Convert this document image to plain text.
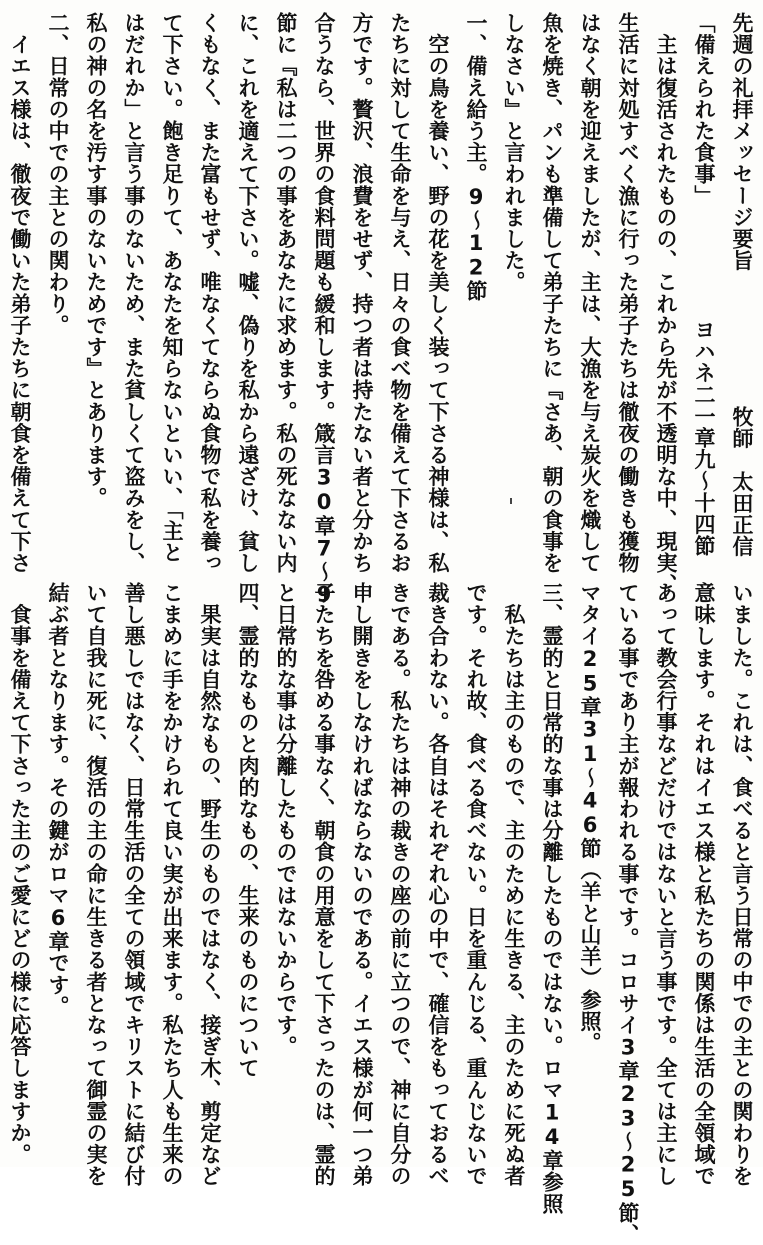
先週の礼拝メッセージ要旨
牧師　太田正信

「備えられた食事」
ヨハネ二一章九～十四節

　主は復活されたものの、これから先が不透明な中、現実、

生活に対処すべく漁に行った弟子たちは徹夜の働きも獲物

はなく朝を迎えましたが、主は、大漁を与え炭火を熾して

魚を焼き、パンも準備して弟子たちに『さあ、朝の食事を

しなさい』と言われました。

一、備え給う主。9～12節

　空の鳥を養い、野の花を美しく装って下さる神様は、私

たちに対して生命を与え、日々の食べ物を備えて下さるお

方です。贅沢、浪費をせず、持つ者は持たない者と分かち

合うなら、世界の食料問題も緩和します。箴言30章7～9

節に『私は二つの事をあなたに求めます。私の死なない内

に、これを適えて下さい。嘘、偽りを私から遠ざけ、貧し

くもなく、また富もせず、唯なくてならぬ食物で私を養っ

て下さい。飽き足りて、あなたを知らないといい、「主と

はだれか」と言う事のないため、また貧しくて盗みをし、

私の神の名を汚す事のないためです』とあります。

二、日常の中での主との関わり。

　イエス様は、徹夜で働いた弟子たちに朝食を備えて下さ

いました。これは、食べると言う日常の中での主との関わりを

意味します。それはイエス様と私たちの関係は生活の全領域で

あって教会行事などだけではないと言う事です。全ては主にし

ている事であり主が報われる事です。コロサイ3章23～25節、

マタイ25章31～46節（羊と山羊）参照。

三、霊的と日常的な事は分離したものではない。ロマ14章参照

　私たちは主のもので、主のために生きる、主のために死ぬ者

です。それ故、食べる食べない。日を重んじる、重んじないで

裁き合わない。各自はそれぞれ心の中で、確信をもっておるべ

きである。私たちは神の裁きの座の前に立つので、神に自分の

申し開きをしなければならないのである。イエス様が何一つ弟

子たちを咎める事なく、朝食の用意をして下さったのは、霊的

と日常的な事は分離したものではないからです。

四、霊的なものと肉的なもの、生来のものについて

　果実は自然なもの、野生のものではなく、接ぎ木、剪定など

こまめに手をかけられて良い実が出来ます。私たち人も生来の

善し悪しではなく、日常生活の全ての領域でキリストに結び付

いて自我に死に、復活の主の命に生きる者となって御霊の実を

結ぶ者となります。その鍵がロマ6章です。

　食事を備えて下さった主のご愛にどの様に応答しますか。
